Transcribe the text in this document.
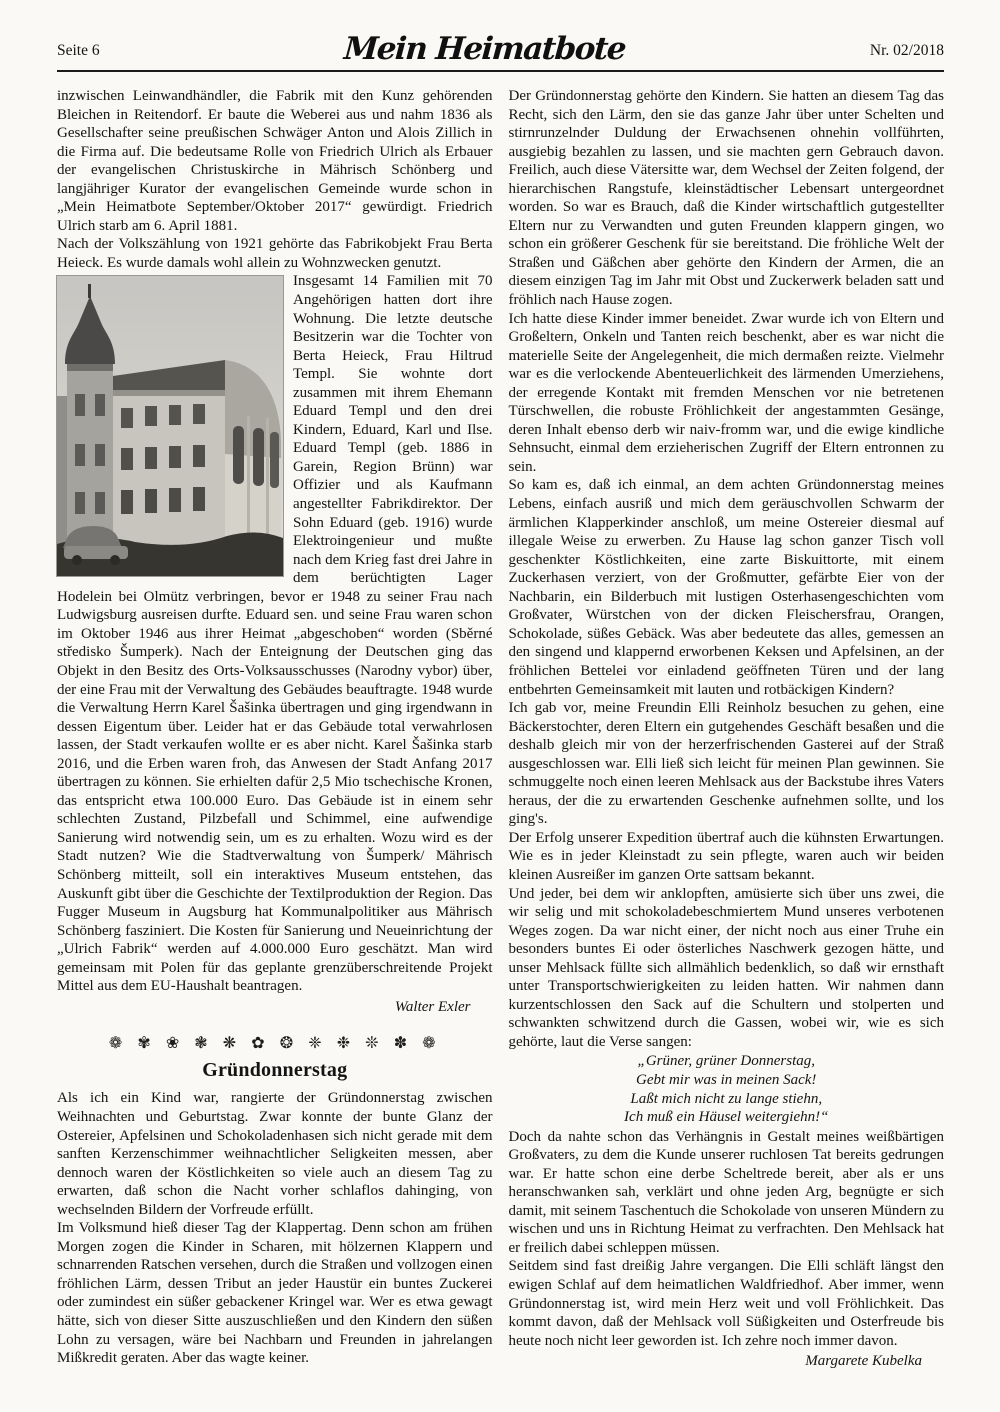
Seite 6	Mein Heimatbote	Nr. 02/2018

inzwischen Leinwandhändler, die Fabrik mit den Kunz gehörenden Bleichen in Reitendorf. Er baute die Weberei aus und nahm 1836 als Gesellschafter seine preußischen Schwäger Anton und Alois Zillich in die Firma auf. Die bedeutsame Rolle von Friedrich Ulrich als Erbauer der evangelischen Christuskirche in Mährisch Schönberg und langjähriger Kurator der evangelischen Gemeinde wurde schon in „Mein Heimatbote September/Oktober 2017“ gewürdigt. Friedrich Ulrich starb am 6. April 1881.

Nach der Volkszählung von 1921 gehörte das Fabrikobjekt Frau Berta Heieck. Es wurde damals wohl allein zu Wohnzwecken genutzt.

Insgesamt 14 Familien mit 70 Angehörigen hatten dort ihre Wohnung. Die letzte deutsche Besitzerin war die Tochter von Berta Heieck, Frau Hiltrud Templ. Sie wohnte dort zusammen mit ihrem Ehemann Eduard Templ und den drei Kindern, Eduard, Karl und Ilse. Eduard Templ (geb. 1886 in Garein, Region Brünn) war Offizier und als Kaufmann angestellter Fabrikdirektor. Der Sohn Eduard (geb. 1916) wurde Elektroingenieur und mußte nach dem Krieg fast drei Jahre in dem berüchtigten Lager Hodelein bei Olmütz verbringen, bevor er 1948 zu seiner Frau nach Ludwigsburg ausreisen durfte. Eduard sen. und seine Frau waren schon im Oktober 1946 aus ihrer Heimat „abgeschoben“ worden (Sběrné středisko Šumperk). Nach der Enteignung der Deutschen ging das Objekt in den Besitz des Orts-Volksausschusses (Narodny vybor) über, der eine Frau mit der Verwaltung des Gebäudes beauftragte. 1948 wurde die Verwaltung Herrn Karel Šašinka übertragen und ging irgendwann in dessen Eigentum über. Leider hat er das Gebäude total verwahrlosen lassen, der Stadt verkaufen wollte er es aber nicht. Karel Šašinka starb 2016, und die Erben waren froh, das Anwesen der Stadt Anfang 2017 übertragen zu können. Sie erhielten dafür 2,5 Mio tschechische Kronen, das entspricht etwa 100.000 Euro. Das Gebäude ist in einem sehr schlechten Zustand, Pilzbefall und Schimmel, eine aufwendige Sanierung wird notwendig sein, um es zu erhalten. Wozu wird es der Stadt nutzen? Wie die Stadtverwaltung von Šumperk/ Mährisch Schönberg mitteilt, soll ein interaktives Museum entstehen, das Auskunft gibt über die Geschichte der Textilproduktion der Region. Das Fugger Museum in Augsburg hat Kommunalpolitiker aus Mährisch Schönberg fasziniert. Die Kosten für Sanierung und Neueinrichtung der „Ulrich Fabrik“ werden auf 4.000.000 Euro geschätzt. Man wird gemeinsam mit Polen für das geplante grenzüberschreitende Projekt Mittel aus dem EU-Haushalt beantragen.

Walter Exler
❁ ✾ ❀ ❃ ❋ ✿ ❂ ❈ ❉ ❊ ✽ ❁
Gründonnerstag

Als ich ein Kind war, rangierte der Gründonnerstag zwischen Weihnachten und Geburtstag. Zwar konnte der bunte Glanz der Ostereier, Apfelsinen und Schokoladenhasen sich nicht gerade mit dem sanften Kerzenschimmer weihnachtlicher Seligkeiten messen, aber dennoch waren der Köstlichkeiten so viele auch an diesem Tag zu erwarten, daß schon die Nacht vorher schlaflos dahinging, von wechselnden Bildern der Vorfreude erfüllt.

Im Volksmund hieß dieser Tag der Klappertag. Denn schon am frühen Morgen zogen die Kinder in Scharen, mit hölzernen Klappern und schnarrenden Ratschen versehen, durch die Straßen und vollzogen einen fröhlichen Lärm, dessen Tribut an jeder Haustür ein buntes Zuckerei oder zumindest ein süßer gebackener Kringel war. Wer es etwa gewagt hätte, sich von dieser Sitte auszuschließen und den Kindern den süßen Lohn zu versagen, wäre bei Nachbarn und Freunden in jahrelangen Mißkredit geraten. Aber das wagte keiner.

Der Gründonnerstag gehörte den Kindern. Sie hatten an diesem Tag das Recht, sich den Lärm, den sie das ganze Jahr über unter Schelten und stirnrunzelnder Duldung der Erwachsenen ohnehin vollführten, ausgiebig bezahlen zu lassen, und sie machten gern Gebrauch davon. Freilich, auch diese Vätersitte war, dem Wechsel der Zeiten folgend, der hierarchischen Rangstufe, kleinstädtischer Lebensart untergeordnet worden. So war es Brauch, daß die Kinder wirtschaftlich gutgestellter Eltern nur zu Verwandten und guten Freunden klappern gingen, wo schon ein größerer Geschenk für sie bereitstand. Die fröhliche Welt der Straßen und Gäßchen aber gehörte den Kindern der Armen, die an diesem einzigen Tag im Jahr mit Obst und Zuckerwerk beladen satt und fröhlich nach Hause zogen.

Ich hatte diese Kinder immer beneidet. Zwar wurde ich von Eltern und Großeltern, Onkeln und Tanten reich beschenkt, aber es war nicht die materielle Seite der Angelegenheit, die mich dermaßen reizte. Vielmehr war es die verlockende Abenteuerlichkeit des lärmenden Umerziehens, der erregende Kontakt mit fremden Menschen vor nie betretenen Türschwellen, die robuste Fröhlichkeit der angestammten Gesänge, deren Inhalt ebenso derb wir naiv-fromm war, und die ewige kindliche Sehnsucht, einmal dem erzieherischen Zugriff der Eltern entronnen zu sein.

So kam es, daß ich einmal, an dem achten Gründonnerstag meines Lebens, einfach ausriß und mich dem geräuschvollen Schwarm der ärmlichen Klapperkinder anschloß, um meine Ostereier diesmal auf illegale Weise zu erwerben. Zu Hause lag schon ganzer Tisch voll geschenkter Köstlichkeiten, eine zarte Biskuittorte, mit einem Zuckerhasen verziert, von der Großmutter, gefärbte Eier von der Nachbarin, ein Bilderbuch mit lustigen Osterhasengeschichten vom Großvater, Würstchen von der dicken Fleischersfrau, Orangen, Schokolade, süßes Gebäck. Was aber bedeutete das alles, gemessen an den singend und klappernd erworbenen Keksen und Apfelsinen, an der fröhlichen Bettelei vor einladend geöffneten Türen und der lang entbehrten Gemeinsamkeit mit lauten und rotbäckigen Kindern?

Ich gab vor, meine Freundin Elli Reinholz besuchen zu gehen, eine Bäckerstochter, deren Eltern ein gutgehendes Geschäft besaßen und die deshalb gleich mir von der herzerfrischenden Gasterei auf der Straß ausgeschlossen war. Elli ließ sich leicht für meinen Plan gewinnen. Sie schmuggelte noch einen leeren Mehlsack aus der Backstube ihres Vaters heraus, der die zu erwartenden Geschenke aufnehmen sollte, und los ging's.

Der Erfolg unserer Expedition übertraf auch die kühnsten Erwartungen. Wie es in jeder Kleinstadt zu sein pflegte, waren auch wir beiden kleinen Ausreißer im ganzen Orte sattsam bekannt.

Und jeder, bei dem wir anklopften, amüsierte sich über uns zwei, die wir selig und mit schokoladebeschmiertem Mund unseres verbotenen Weges zogen. Da war nicht einer, der nicht noch aus einer Truhe ein besonders buntes Ei oder österliches Naschwerk gezogen hätte, und unser Mehlsack füllte sich allmählich bedenklich, so daß wir ernsthaft unter Transportschwierigkeiten zu leiden hatten. Wir nahmen dann kurzentschlossen den Sack auf die Schultern und stolperten und schwankten schwitzend durch die Gassen, wobei wir, wie es sich gehörte, laut die Verse sangen:

„Grüner, grüner Donnerstag,

Gebt mir was in meinen Sack!

Laßt mich nicht zu lange stiehn,

Ich muß ein Häusel weitergiehn!“

Doch da nahte schon das Verhängnis in Gestalt meines weißbärtigen Großvaters, zu dem die Kunde unserer ruchlosen Tat bereits gedrungen war. Er hatte schon eine derbe Scheltrede bereit, aber als er uns heranschwanken sah, verklärt und ohne jeden Arg, begnügte er sich damit, mit seinem Taschentuch die Schokolade von unseren Mündern zu wischen und uns in Richtung Heimat zu verfrachten. Den Mehlsack hat er freilich dabei schleppen müssen.

Seitdem sind fast dreißig Jahre vergangen. Die Elli schläft längst den ewigen Schlaf auf dem heimatlichen Waldfriedhof. Aber immer, wenn Gründonnerstag ist, wird mein Herz weit und voll Fröhlichkeit. Das kommt davon, daß der Mehlsack voll Süßigkeiten und Osterfreude bis heute noch nicht leer geworden ist. Ich zehre noch immer davon.

Margarete Kubelka
